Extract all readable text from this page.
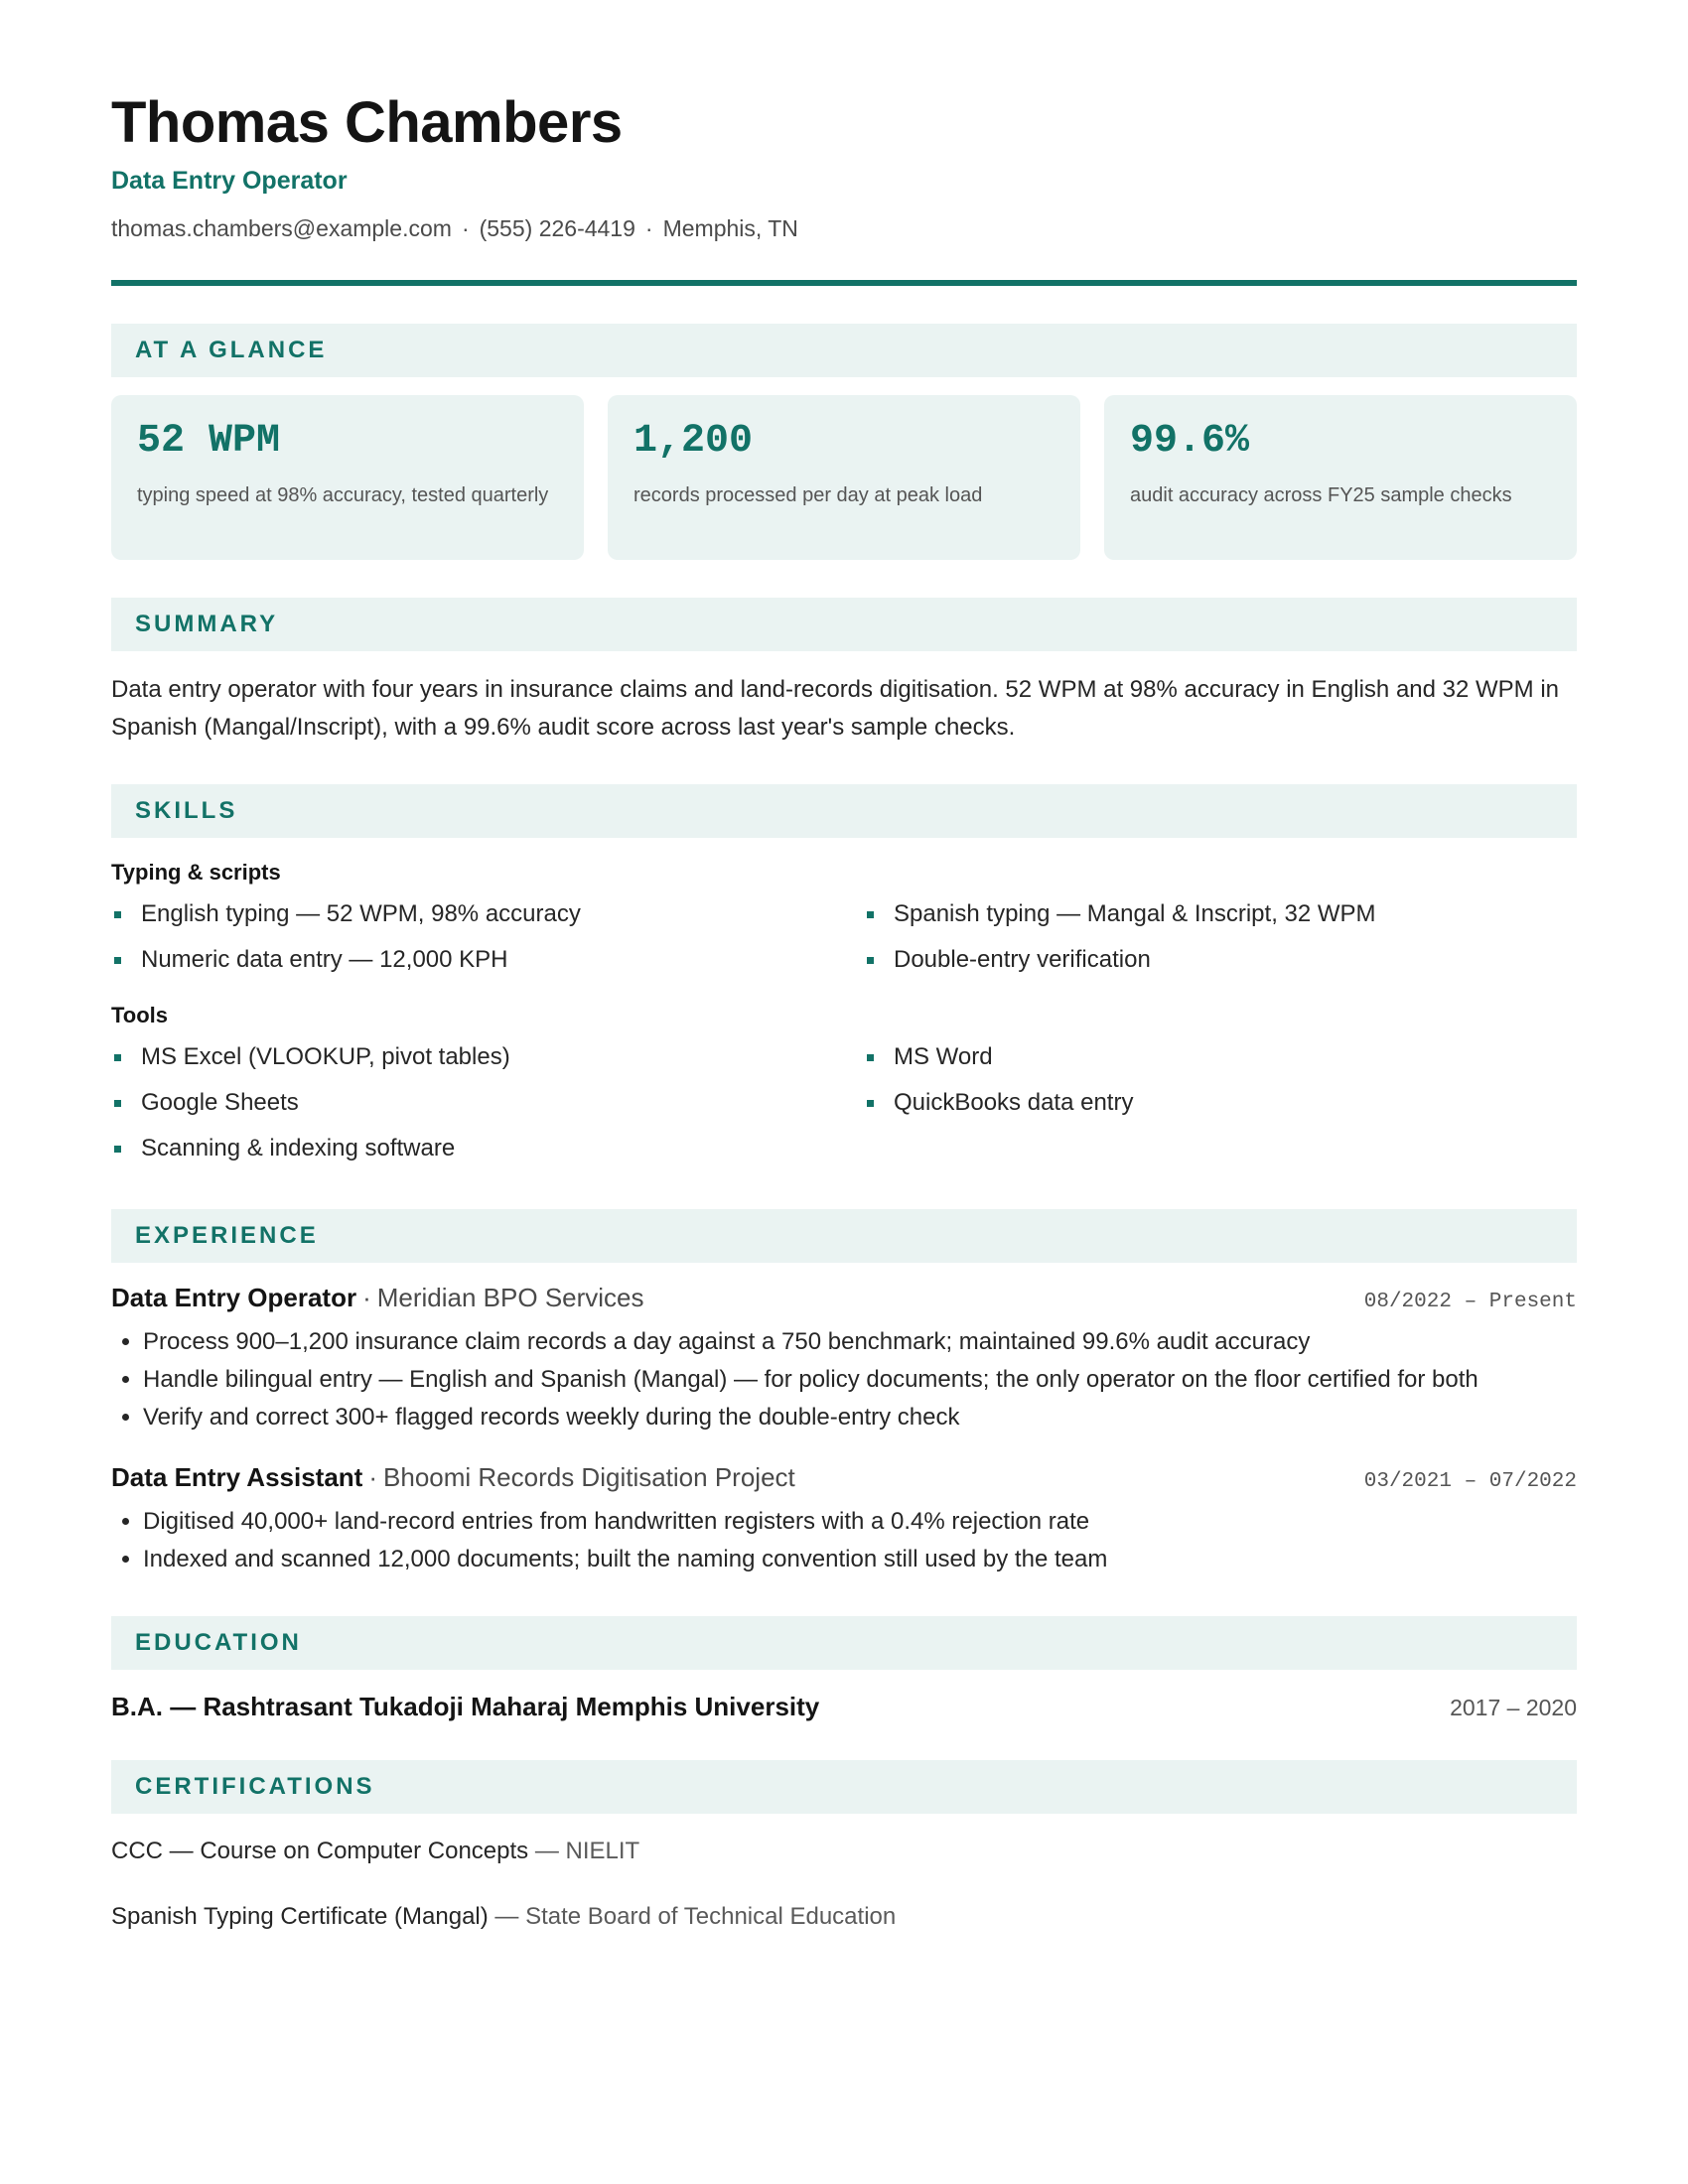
Thomas Chambers
Data Entry Operator
thomas.chambers@example.com · (555) 226-4419 · Memphis, TN
AT A GLANCE
52 WPM
typing speed at 98% accuracy, tested quarterly
1,200
records processed per day at peak load
99.6%
audit accuracy across FY25 sample checks
SUMMARY
Data entry operator with four years in insurance claims and land-records digitisation. 52 WPM at 98% accuracy in English and 32 WPM in Spanish (Mangal/Inscript), with a 99.6% audit score across last year's sample checks.
SKILLS
Typing & scripts
English typing — 52 WPM, 98% accuracy	Spanish typing — Mangal & Inscript, 32 WPM
Numeric data entry — 12,000 KPH	Double-entry verification
Tools
MS Excel (VLOOKUP, pivot tables)	MS Word
Google Sheets	QuickBooks data entry
Scanning & indexing software
EXPERIENCE
Data Entry Operator · Meridian BPO Services	08/2022 – Present
• Process 900–1,200 insurance claim records a day against a 750 benchmark; maintained 99.6% audit accuracy
• Handle bilingual entry — English and Spanish (Mangal) — for policy documents; the only operator on the floor certified for both
• Verify and correct 300+ flagged records weekly during the double-entry check
Data Entry Assistant · Bhoomi Records Digitisation Project	03/2021 – 07/2022
• Digitised 40,000+ land-record entries from handwritten registers with a 0.4% rejection rate
• Indexed and scanned 12,000 documents; built the naming convention still used by the team
EDUCATION
B.A. — Rashtrasant Tukadoji Maharaj Memphis University	2017 – 2020
CERTIFICATIONS
CCC — Course on Computer Concepts — NIELIT
Spanish Typing Certificate (Mangal) — State Board of Technical Education
